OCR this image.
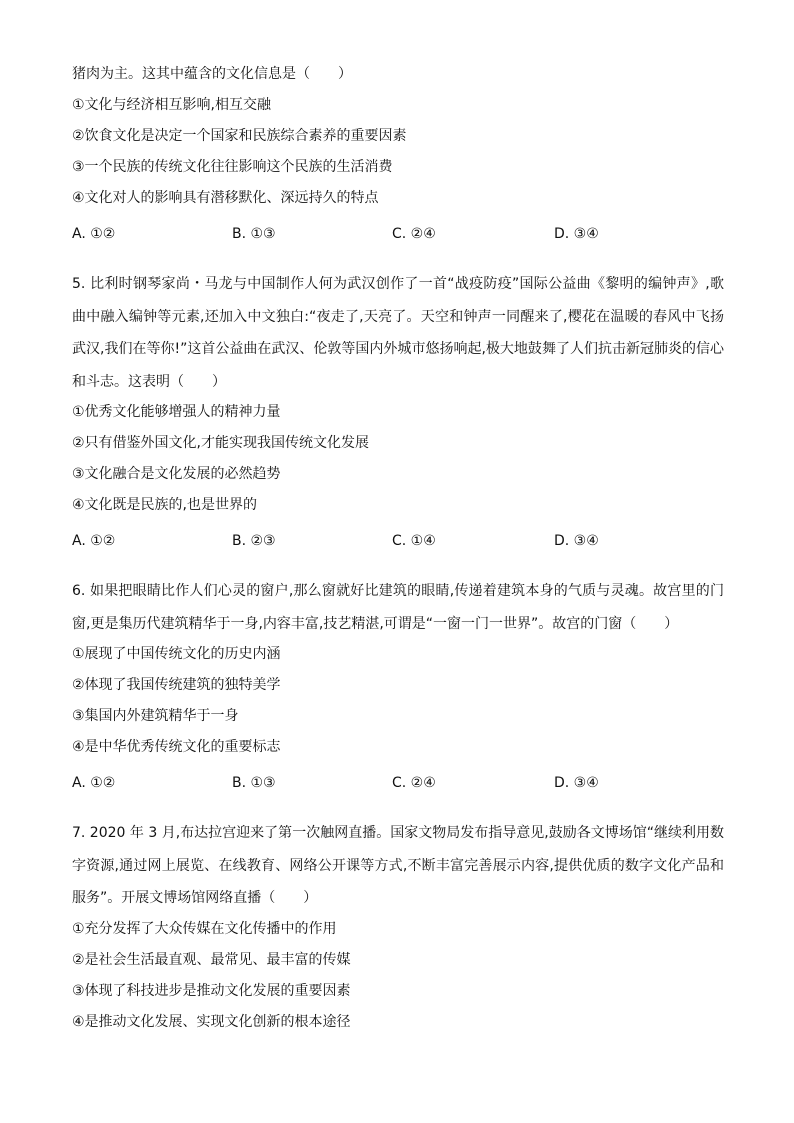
猪肉为主。这其中蕴含的文化信息是（　　）

①文化与经济相互影响,相互交融

②饮食文化是决定一个国家和民族综合素养的重要因素

③一个民族的传统文化往往影响这个民族的生活消费

④文化对人的影响具有潜移默化、深远持久的特点

A. ①②	B. ①③	C. ②④	D. ③④

5. 比利时钢琴家尚・马龙与中国制作人何为武汉创作了一首“战疫防疫”国际公益曲《黎明的编钟声》,歌曲中融入编钟等元素,还加入中文独白:“夜走了,天亮了。天空和钟声一同醒来了,樱花在温暖的春风中飞扬武汉,我们在等你!”这首公益曲在武汉、伦敦等国内外城市悠扬响起,极大地鼓舞了人们抗击新冠肺炎的信心和斗志。这表明（　　）

①优秀文化能够增强人的精神力量

②只有借鉴外国文化,才能实现我国传统文化发展

③文化融合是文化发展的必然趋势

④文化既是民族的,也是世界的

A. ①②	B. ②③	C. ①④	D. ③④

6. 如果把眼睛比作人们心灵的窗户,那么窗就好比建筑的眼睛,传递着建筑本身的气质与灵魂。故宫里的门窗,更是集历代建筑精华于一身,内容丰富,技艺精湛,可谓是“一窗一门一世界”。故宫的门窗（　　）

①展现了中国传统文化的历史内涵

②体现了我国传统建筑的独特美学

③集国内外建筑精华于一身

④是中华优秀传统文化的重要标志

A. ①②	B. ①③	C. ②④	D. ③④

7. 2020 年 3 月,布达拉宫迎来了第一次触网直播。国家文物局发布指导意见,鼓励各文博场馆“继续利用数字资源,通过网上展览、在线教育、网络公开课等方式,不断丰富完善展示内容,提供优质的数字文化产品和服务”。开展文博场馆网络直播（　　）

①充分发挥了大众传媒在文化传播中的作用

②是社会生活最直观、最常见、最丰富的传媒

③体现了科技进步是推动文化发展的重要因素

④是推动文化发展、实现文化创新的根本途径
